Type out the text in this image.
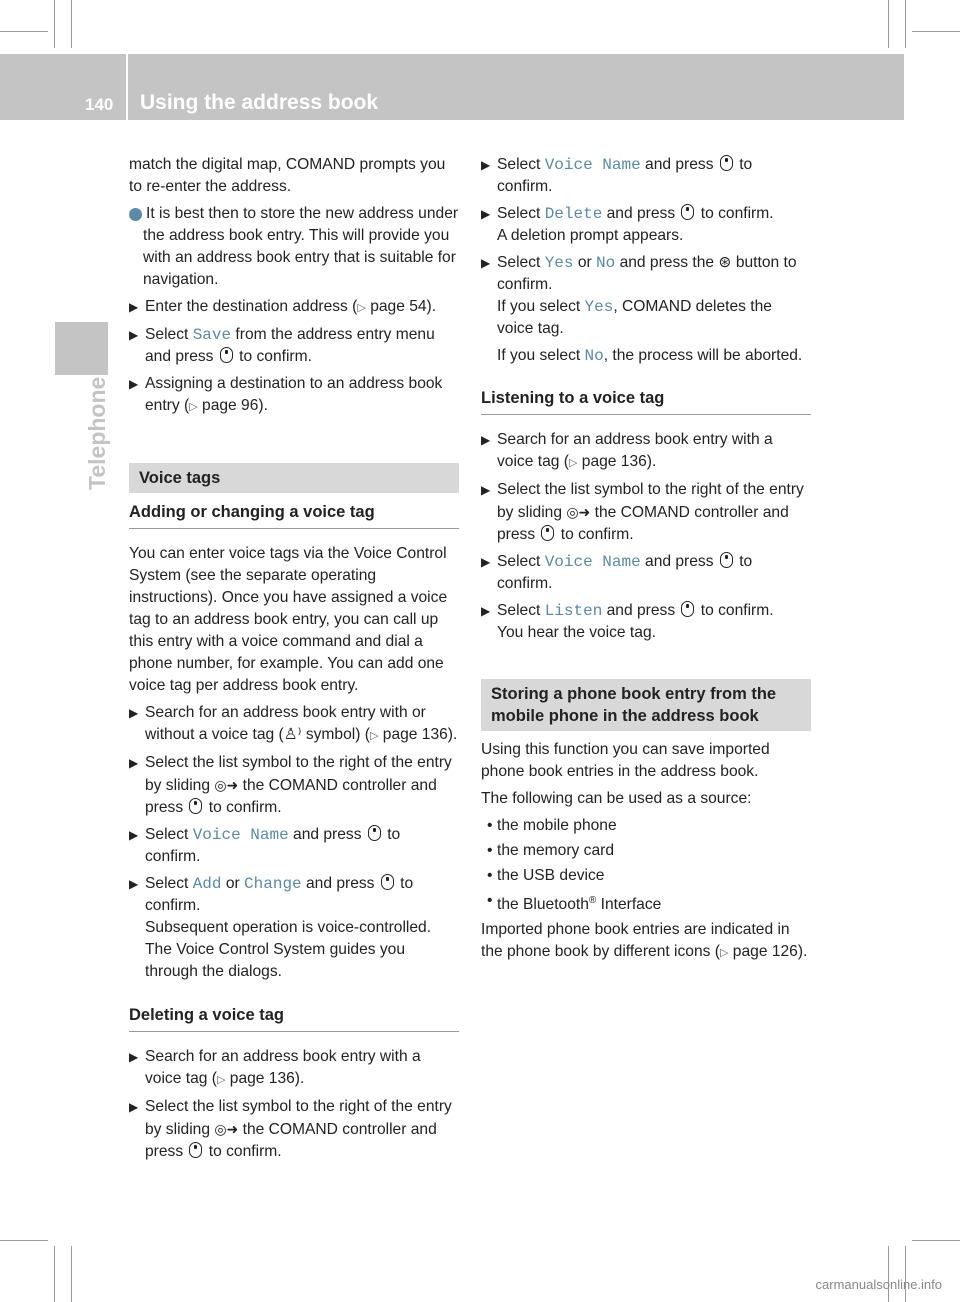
140 Using the address book
Telephone

match the digital map, COMAND prompts you to re-enter the address.

i It is best then to store the new address under the address book entry. This will provide you with an address book entry that is suitable for navigation.

▶ Enter the destination address (▷ page 54).
▶ Select Save from the address entry menu and press  to confirm.
▶ Assigning a destination to an address book entry (▷ page 96).
Voice tags
Adding or changing a voice tag

You can enter voice tags via the Voice Control System (see the separate operating instructions). Once you have assigned a voice tag to an address book entry, you can call up this entry with a voice command and dial a phone number, for example. You can add one voice tag per address book entry.

▶ Search for an address book entry with or without a voice tag (♙⁾ symbol) (▷ page 136).
▶ Select the list symbol to the right of the entry by sliding ◎➜ the COMAND controller and press  to confirm.
▶ Select Voice Name and press  to confirm.
▶ Select Add or Change and press  to confirm.
Subsequent operation is voice-controlled. The Voice Control System guides you through the dialogs.
Deleting a voice tag
▶ Search for an address book entry with a voice tag (▷ page 136).
▶ Select the list symbol to the right of the entry by sliding ◎➜ the COMAND controller and press  to confirm.
▶ Select Voice Name and press  to confirm.
▶ Select Delete and press  to confirm.
A deletion prompt appears.
▶ Select Yes or No and press the ⊛ button to confirm.
If you select Yes, COMAND deletes the voice tag.
If you select No, the process will be aborted.
Listening to a voice tag
▶ Search for an address book entry with a voice tag (▷ page 136).
▶ Select the list symbol to the right of the entry by sliding ◎➜ the COMAND controller and press  to confirm.
▶ Select Voice Name and press  to confirm.
▶ Select Listen and press  to confirm.
You hear the voice tag.
Storing a phone book entry from the mobile phone in the address book

Using this function you can save imported phone book entries in the address book.

The following can be used as a source:

• the mobile phone
• the memory card
• the USB device
• the Bluetooth® Interface

Imported phone book entries are indicated in the phone book by different icons (▷ page 126).

carmanualsonline.info
